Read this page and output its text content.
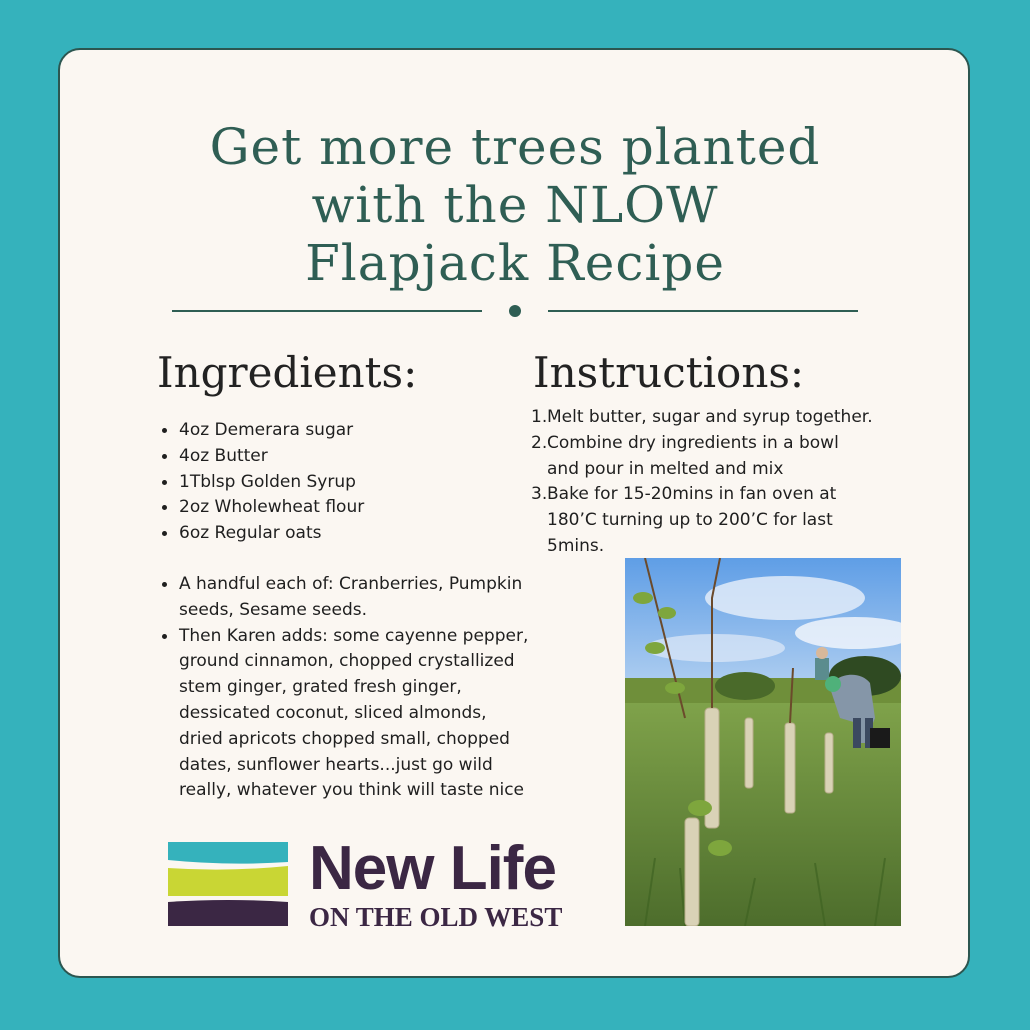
Get more trees planted
with the NLOW
Flapjack Recipe
Ingredients:
4oz Demerara sugar
4oz Butter
1Tblsp Golden Syrup
2oz Wholewheat flour
6oz Regular oats
A handful each of: Cranberries, Pumpkin seeds, Sesame seeds.
Then Karen adds: some cayenne pepper, ground cinnamon, chopped crystallized stem ginger, grated fresh ginger, dessicated coconut, sliced almonds, dried apricots chopped small, chopped dates, sunflower hearts...just go wild really, whatever you think will taste nice
Instructions:
1. Melt butter, sugar and syrup together.
2. Combine dry ingredients in a bowl and pour in melted and mix
3. Bake for 15-20mins in fan oven at 180’C turning up to 200’C for last 5mins.
New Life
ON THE OLD WEST
